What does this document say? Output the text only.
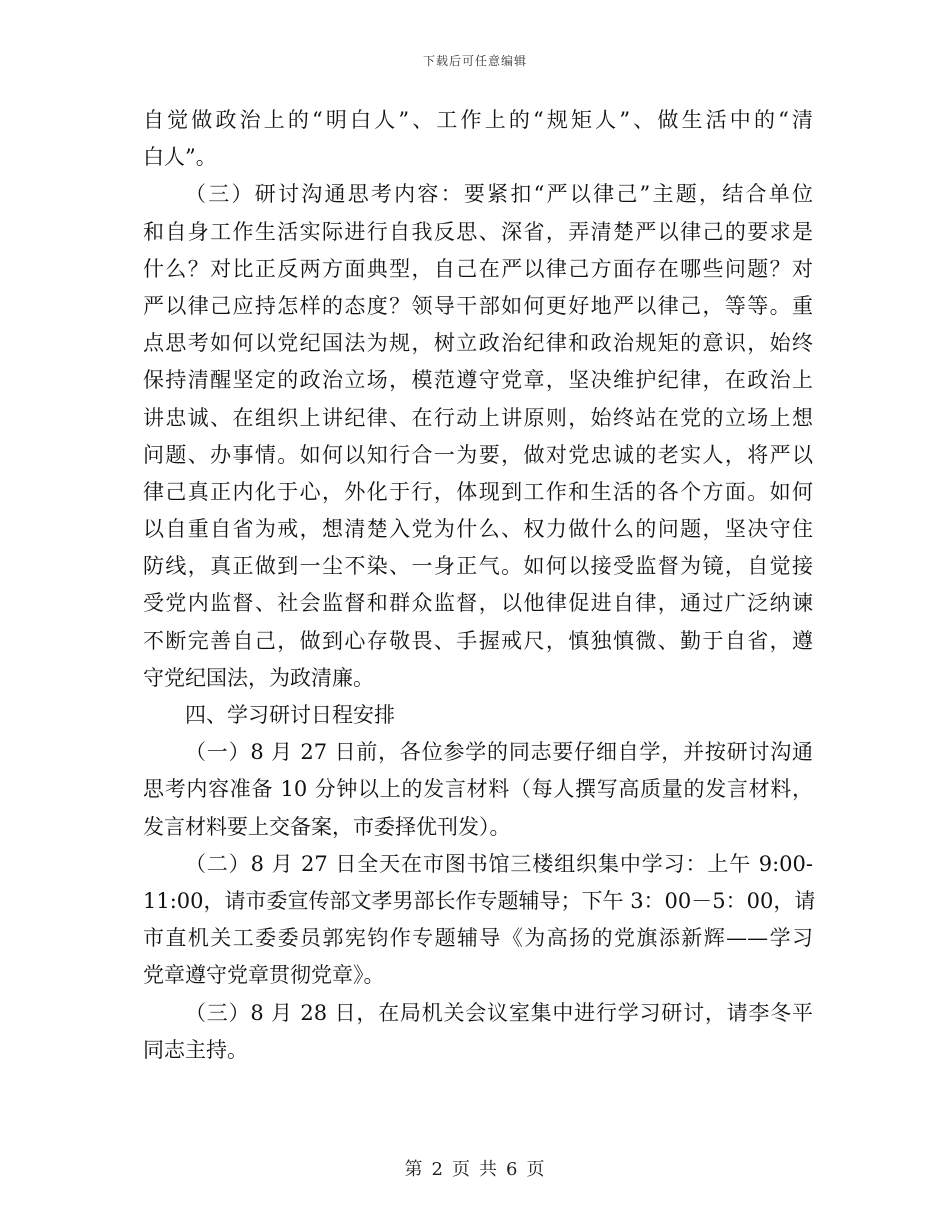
下载后可任意编辑
自觉做政治上的“明白人”、工作上的“规矩人”、做生活中的“清
白人”。
（三）研讨沟通思考内容：要紧扣“严以律己”主题，结合单位
和自身工作生活实际进行自我反思、深省，弄清楚严以律己的要求是
什么？对比正反两方面典型，自己在严以律己方面存在哪些问题？对
严以律己应持怎样的态度？领导干部如何更好地严以律己，等等。重
点思考如何以党纪国法为规，树立政治纪律和政治规矩的意识，始终
保持清醒坚定的政治立场，模范遵守党章，坚决维护纪律，在政治上
讲忠诚、在组织上讲纪律、在行动上讲原则，始终站在党的立场上想
问题、办事情。如何以知行合一为要，做对党忠诚的老实人，将严以
律己真正内化于心，外化于行，体现到工作和生活的各个方面。如何
以自重自省为戒，想清楚入党为什么、权力做什么的问题，坚决守住
防线，真正做到一尘不染、一身正气。如何以接受监督为镜，自觉接
受党内监督、社会监督和群众监督，以他律促进自律，通过广泛纳谏
不断完善自己，做到心存敬畏、手握戒尺，慎独慎微、勤于自省，遵
守党纪国法，为政清廉。
四、学习研讨日程安排
（一）8 月 27 日前，各位参学的同志要仔细自学，并按研讨沟通
思考内容准备 10 分钟以上的发言材料（每人撰写高质量的发言材料，
发言材料要上交备案，市委择优刊发）。
（二）8 月 27 日全天在市图书馆三楼组织集中学习：上午 9:00-
11:00，请市委宣传部文孝男部长作专题辅导；下午 3：00－5：00，请
市直机关工委委员郭宪钧作专题辅导《为高扬的党旗添新辉——学习
党章遵守党章贯彻党章》。
（三）8 月 28 日，在局机关会议室集中进行学习研讨，请李冬平
同志主持。
第 2 页 共 6 页
